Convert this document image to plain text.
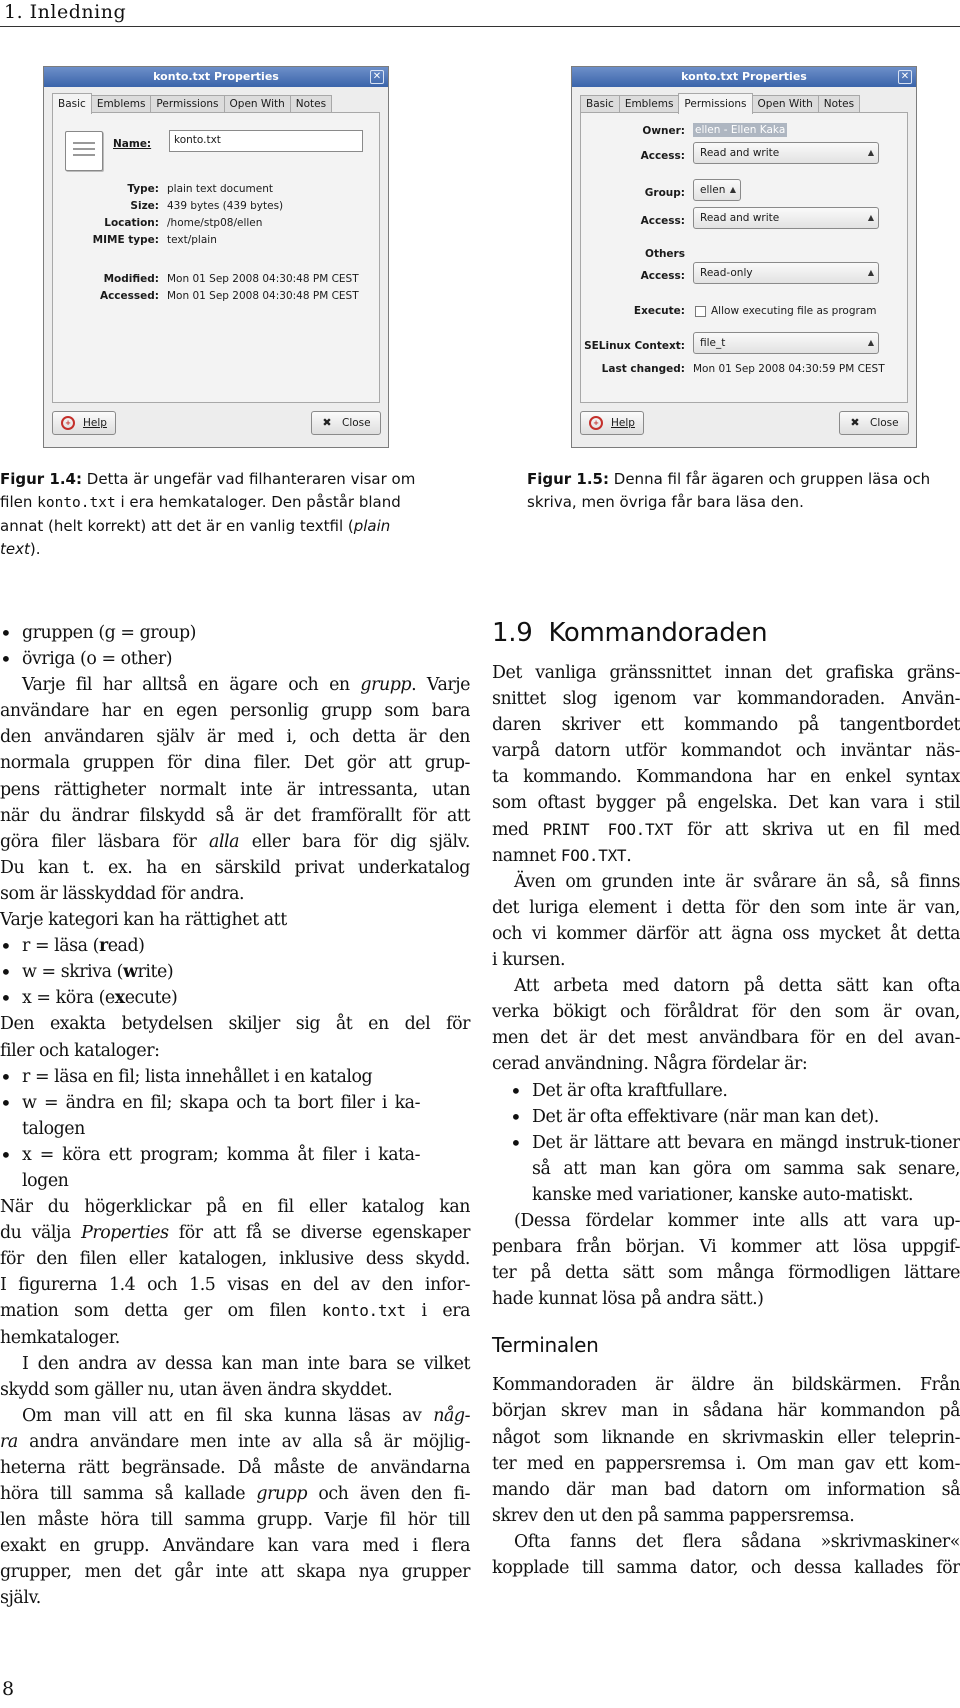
1. Inledning
konto.txt Properties	✕
Basic	Emblems	Permissions	Open With	Notes
Name:	konto.txt
Type: plain text document
Size: 439 bytes (439 bytes)
Location: /home/stp08/ellen
MIME type: text/plain
Modified: Mon 01 Sep 2008 04:30:48 PM CEST
Accessed: Mon 01 Sep 2008 04:30:48 PM CEST
+	Help	✖ Close
konto.txt Properties	✕
Basic	Emblems	Permissions	Open With	Notes
Owner: ellen - Ellen Kaka
Access:	Read and write	▲

Group:	ellen ▲
Access:	Read and write	▲
Others
Access:	Read-only	▲
Execute: Allow executing file as program
SELinux Context:	file_t	▲
Last changed: Mon 01 Sep 2008 04:30:59 PM CEST
+	Help	✖ Close
Figur 1.4: Detta är ungefär vad filhanteraren visar om
filen konto.txt i era hemkataloger. Den påstår bland
annat (helt korrekt) att det är en vanlig textfil (plain
text).
Figur 1.5: Denna fil får ägaren och gruppen läsa och
skriva, men övriga får bara läsa den.
• gruppen (g = group)
• övriga (o = other)
Varje fil har alltså en ägare och en grupp. Varje
användare har en egen personlig grupp som bara
den användaren själv är med i, och detta är den
normala gruppen för dina filer. Det gör att grup-
pens rättigheter normalt inte är intressanta, utan
när du ändrar filskydd så är det framförallt för att
göra filer läsbara för alla eller bara för dig själv.
Du kan t. ex. ha en särskild privat underkatalog
som är lässkyddad för andra.
Varje kategori kan ha rättighet att
• r = läsa (read)
• w = skriva (write)
• x = köra (execute)
Den exakta betydelsen skiljer sig åt en del för
filer och kataloger:
• r = läsa en fil; lista innehållet i en katalog
• w = ändra en fil; skapa och ta bort filer i ka-talogen
• x = köra ett program; komma åt filer i kata-logen
När du högerklickar på en fil eller katalog kan
du välja Properties för att få se diverse egenskaper
för den filen eller katalogen, inklusive dess skydd.
I figurerna 1.4 och 1.5 visas en del av den infor-
mation som detta ger om filen konto.txt i era
hemkataloger.
I den andra av dessa kan man inte bara se vilket
skydd som gäller nu, utan även ändra skyddet.
Om man vill att en fil ska kunna läsas av någ-
ra andra användare men inte av alla så är möjlig-
heterna rätt begränsade. Då måste de användarna
höra till samma så kallade grupp och även den fi-
len måste höra till samma grupp. Varje fil hör till
exakt en grupp. Användare kan vara med i flera
grupper, men det går inte att skapa nya grupper
själv.
1.9 Kommandoraden
Det vanliga gränssnittet innan det grafiska gräns-
snittet slog igenom var kommandoraden. Använ-
daren skriver ett kommando på tangentbordet
varpå datorn utför kommandot och inväntar näs-
ta kommando. Kommandona har en enkel syntax
som oftast bygger på engelska. Det kan vara i stil
med PRINT FOO.TXT för att skriva ut en fil med
namnet FOO.TXT.
Även om grunden inte är svårare än så, så finns
det luriga element i detta för den som inte är van,
och vi kommer därför att ägna oss mycket åt detta
i kursen.
Att arbeta med datorn på detta sätt kan ofta
verka bökigt och föråldrat för den som är ovan,
men det är det mest användbara för en del avan-
cerad användning. Några fördelar är:
• Det är ofta kraftfullare.
• Det är ofta effektivare (när man kan det).
• Det är lättare att bevara en mängd instruk-tioner så att man kan göra om samma sak senare, kanske med variationer, kanske auto-matiskt.
(Dessa fördelar kommer inte alls att vara up-
penbara från början. Vi kommer att lösa uppgif-
ter på detta sätt som många förmodligen lättare
hade kunnat lösa på andra sätt.)
Terminalen
Kommandoraden är äldre än bildskärmen. Från
början skrev man in sådana här kommandon på
något som liknande en skrivmaskin eller teleprin-
ter med en pappersremsa i. Om man gav ett kom-
mando där man bad datorn om information så
skrev den ut den på samma pappersremsa.
Ofta fanns det flera sådana »skrivmaskiner«
kopplade till samma dator, och dessa kallades för
8
